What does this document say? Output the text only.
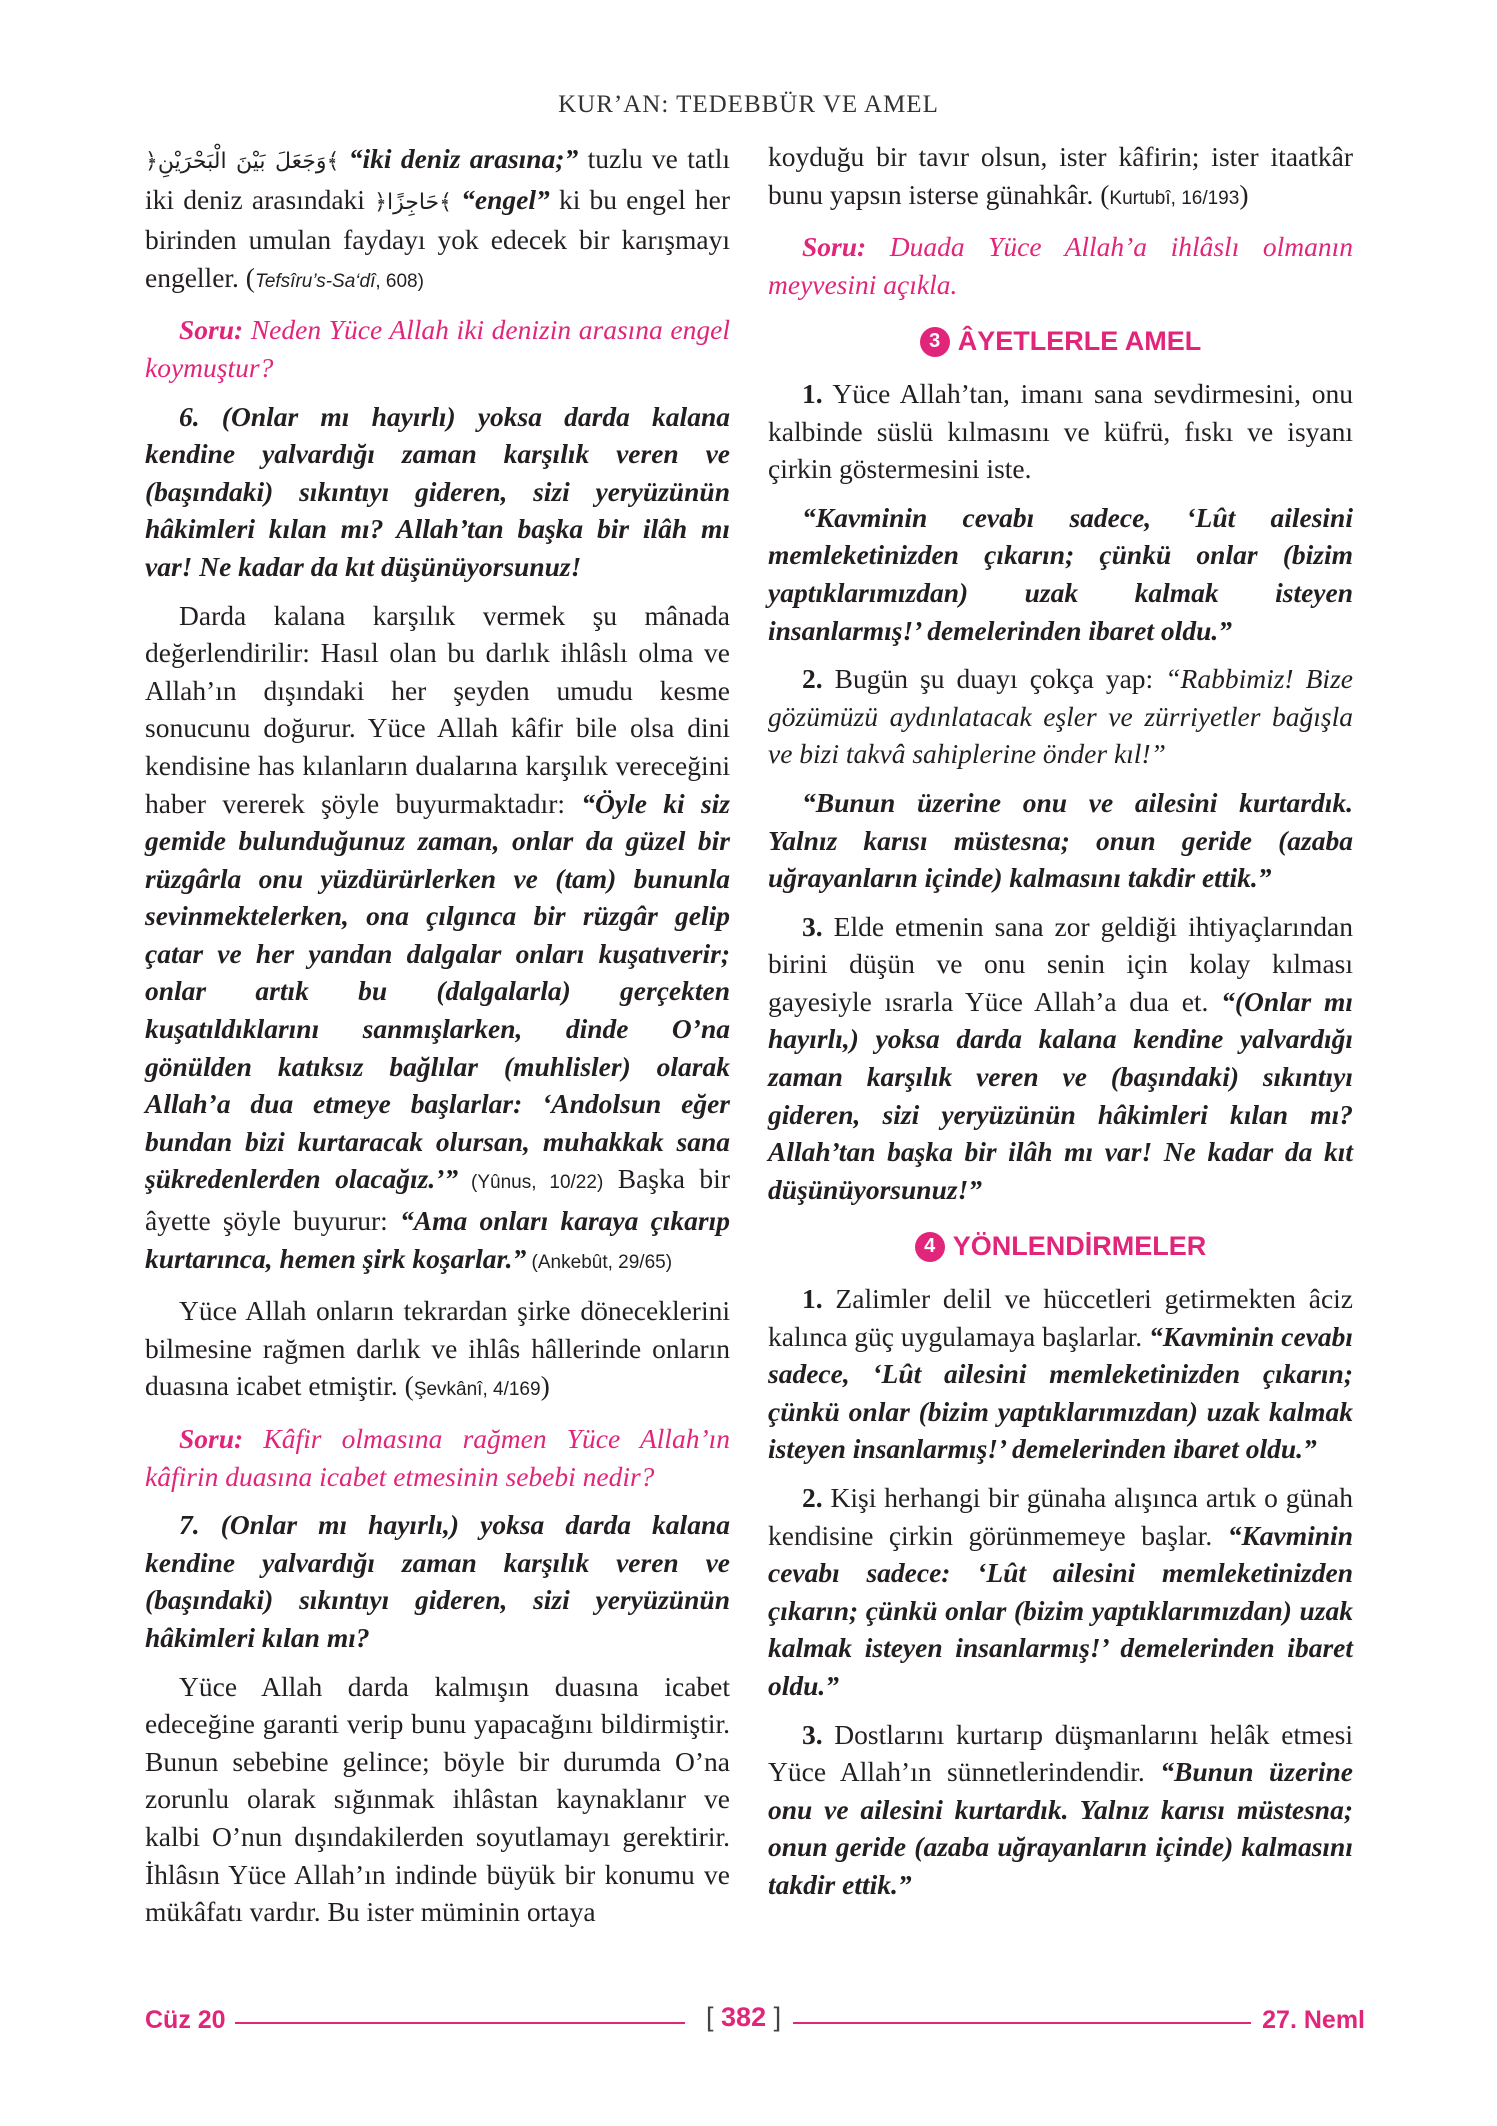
KUR’AN: TEDEBBÜR VE AMEL

﴿وَجَعَلَ بَيْنَ الْبَحْرَيْنِ﴾ “iki deniz arasına;” tuzlu ve tatlı iki deniz arasındaki ﴿حَاجِزًا﴾ “engel” ki bu engel her birinden umulan faydayı yok edecek bir karışmayı engeller. (Tefsîru’s-Sa‘dî, 608)

Soru: Neden Yüce Allah iki denizin arasına engel koymuştur?

6. (Onlar mı hayırlı) yoksa darda kalana kendine yalvardığı zaman karşılık veren ve (başındaki) sıkıntıyı gideren, sizi yeryüzünün hâkimleri kılan mı? Allah’tan başka bir ilâh mı var! Ne kadar da kıt düşünüyorsunuz!

Darda kalana karşılık vermek şu mânada değerlendirilir: Hasıl olan bu darlık ihlâslı olma ve Allah’ın dışındaki her şeyden umudu kesme sonucunu doğurur. Yüce Allah kâfir bile olsa dini kendisine has kılanların dualarına karşılık vereceğini haber vererek şöyle buyurmaktadır: “Öyle ki siz gemide bulunduğunuz zaman, onlar da güzel bir rüzgârla onu yüzdürürlerken ve (tam) bununla sevinmektelerken, ona çılgınca bir rüzgâr gelip çatar ve her yandan dalgalar onları kuşatıverir; onlar artık bu (dalgalarla) gerçekten kuşatıldıklarını sanmışlarken, dinde O’na gönülden katıksız bağlılar (muhlisler) olarak Allah’a dua etmeye başlarlar: ‘Andolsun eğer bundan bizi kurtaracak olursan, muhakkak sana şükredenlerden olacağız.’” (Yûnus, 10/22) Başka bir âyette şöyle buyurur: “Ama onları karaya çıkarıp kurtarınca, hemen şirk koşarlar.” (Ankebût, 29/65)

Yüce Allah onların tekrardan şirke döneceklerini bilmesine rağmen darlık ve ihlâs hâllerinde onların duasına icabet etmiştir. (Şevkânî, 4/169)

Soru: Kâfir olmasına rağmen Yüce Allah’ın kâfirin duasına icabet etmesinin sebebi nedir?

7. (Onlar mı hayırlı,) yoksa darda kalana kendine yalvardığı zaman karşılık veren ve (başındaki) sıkıntıyı gideren, sizi yeryüzünün hâkimleri kılan mı?

Yüce Allah darda kalmışın duasına icabet edeceğine garanti verip bunu yapacağını bildirmiştir. Bunun sebebine gelince; böyle bir durumda O’na zorunlu olarak sığınmak ihlâstan kaynaklanır ve kalbi O’nun dışındakilerden soyutlamayı gerektirir. İhlâsın Yüce Allah’ın indinde büyük bir konumu ve mükâfatı vardır. Bu ister müminin ortaya

koyduğu bir tavır olsun, ister kâfirin; ister itaatkâr bunu yapsın isterse günahkâr. (Kurtubî, 16/193)

Soru: Duada Yüce Allah’a ihlâslı olmanın meyvesini açıkla.

3 ÂYETLERLE AMEL

1. Yüce Allah’tan, imanı sana sevdirmesini, onu kalbinde süslü kılmasını ve küfrü, fıskı ve isyanı çirkin göstermesini iste.

“Kavminin cevabı sadece, ‘Lût ailesini memleketinizden çıkarın; çünkü onlar (bizim yaptıklarımızdan) uzak kalmak isteyen insanlarmış!’ demelerinden ibaret oldu.”

2. Bugün şu duayı çokça yap: “Rabbimiz! Bize gözümüzü aydınlatacak eşler ve zürriyetler bağışla ve bizi takvâ sahiplerine önder kıl!”

“Bunun üzerine onu ve ailesini kurtardık. Yalnız karısı müstesna; onun geride (azaba uğrayanların içinde) kalmasını takdir ettik.”

3. Elde etmenin sana zor geldiği ihtiyaçlarından birini düşün ve onu senin için kolay kılması gayesiyle ısrarla Yüce Allah’a dua et. “(Onlar mı hayırlı,) yoksa darda kalana kendine yalvardığı zaman karşılık veren ve (başındaki) sıkıntıyı gideren, sizi yeryüzünün hâkimleri kılan mı? Allah’tan başka bir ilâh mı var! Ne kadar da kıt düşünüyorsunuz!”

4 YÖNLENDİRMELER

1. Zalimler delil ve hüccetleri getirmekten âciz kalınca güç uygulamaya başlarlar. “Kavminin cevabı sadece, ‘Lût ailesini memleketinizden çıkarın; çünkü onlar (bizim yaptıklarımızdan) uzak kalmak isteyen insanlarmış!’ demelerinden ibaret oldu.”

2. Kişi herhangi bir günaha alışınca artık o günah kendisine çirkin görünmemeye başlar. “Kavminin cevabı sadece: ‘Lût ailesini memleketinizden çıkarın; çünkü onlar (bizim yaptıklarımızdan) uzak kalmak isteyen insanlarmış!’ demelerinden ibaret oldu.”

3. Dostlarını kurtarıp düşmanlarını helâk etmesi Yüce Allah’ın sünnetlerindendir. “Bunun üzerine onu ve ailesini kurtardık. Yalnız karısı müstesna; onun geride (azaba uğrayanların içinde) kalmasını takdir ettik.”

Cüz 20	[ 382 ]	27. Neml
